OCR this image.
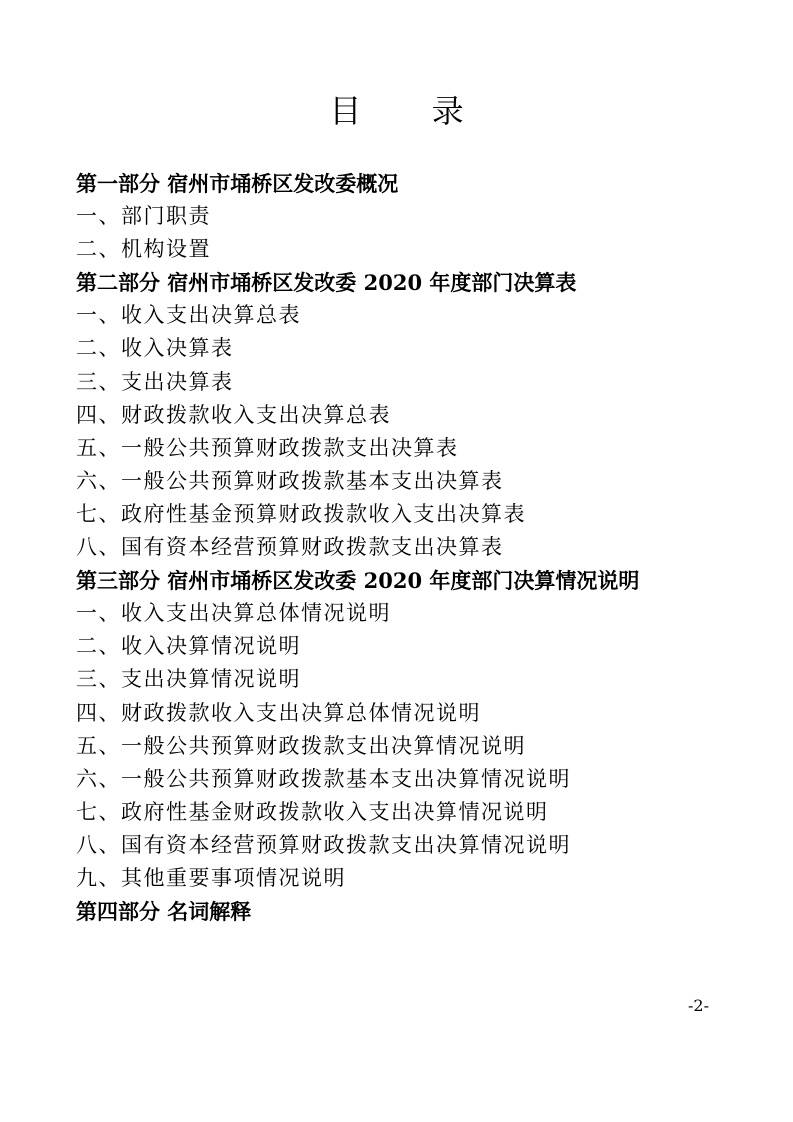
目 录
第一部分 宿州市埇桥区发改委概况
一、部门职责
二、机构设置
第二部分 宿州市埇桥区发改委 2020 年度部门决算表
一、收入支出决算总表
二、收入决算表
三、支出决算表
四、财政拨款收入支出决算总表
五、一般公共预算财政拨款支出决算表
六、一般公共预算财政拨款基本支出决算表
七、政府性基金预算财政拨款收入支出决算表
八、国有资本经营预算财政拨款支出决算表
第三部分 宿州市埇桥区发改委 2020 年度部门决算情况说明
一、收入支出决算总体情况说明
二、收入决算情况说明
三、支出决算情况说明
四、财政拨款收入支出决算总体情况说明
五、一般公共预算财政拨款支出决算情况说明
六、一般公共预算财政拨款基本支出决算情况说明
七、政府性基金财政拨款收入支出决算情况说明
八、国有资本经营预算财政拨款支出决算情况说明
九、其他重要事项情况说明
第四部分 名词解释
-2-
